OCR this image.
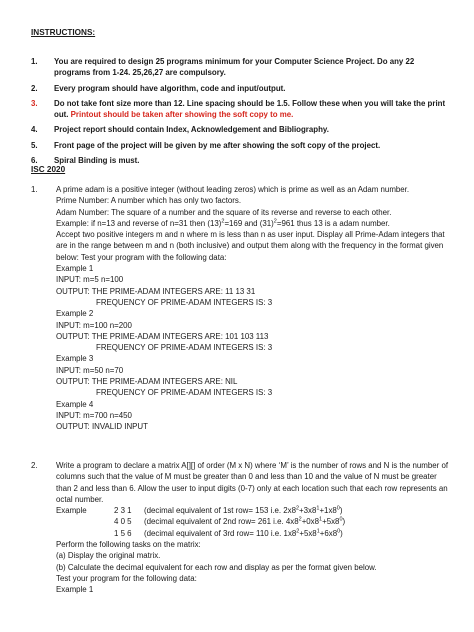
INSTRUCTIONS:
1. You are required to design 25 programs minimum for your Computer Science Project. Do any 22 programs from 1-24. 25,26,27 are compulsory.
2. Every program should have algorithm, code and input/output.
3. Do not take font size more than 12. Line spacing should be 1.5. Follow these when you will take the print out. Printout should be taken after showing the soft copy to me.
4. Project report should contain Index, Acknowledgement and Bibliography.
5. Front page of the project will be given by me after showing the soft copy of the project.
6. Spiral Binding is must.
ISC 2020
1. A prime adam is a positive integer (without leading zeros) which is prime as well as an Adam number.
Prime Number: A number which has only two factors.
Adam Number: The square of a number and the square of its reverse and reverse to each other.
Example: if n=13 and reverse of n=31 then $(13)^2=169$ and $(31)^2=961$ thus 13 is a adam number.
Accept two positive integers m and n where m is less than n as user input. Display all Prime-Adam integers that are in the range between m and n (both inclusive) and output them along with the frequency in the format given below: Test your program with the following data:
Example 1
INPUT: m=5 n=100
OUTPUT: THE PRIME-ADAM INTEGERS ARE: 11 13 31
FREQUENCY OF PRIME-ADAM INTEGERS IS: 3
Example 2
INPUT: m=100 n=200
OUTPUT: THE PRIME-ADAM INTEGERS ARE: 101 103 113
FREQUENCY OF PRIME-ADAM INTEGERS IS: 3
Example 3
INPUT: m=50 n=70
OUTPUT: THE PRIME-ADAM INTEGERS ARE: NIL
FREQUENCY OF PRIME-ADAM INTEGERS IS: 3
Example 4
INPUT: m=700 n=450
OUTPUT: INVALID INPUT
2. Write a program to declare a matrix A[][] of order (M x N) where ‘M’ is the number of rows and N is the number of columns such that the value of M must be greater than 0 and less than 10 and the value of N must be greater than 2 and less than 6. Allow the user to input digits (0-7) only at each location such that each row represents an octal number.
Example	2 3 1 (decimal equivalent of 1st row= 153 i.e. $2x8^2+3x8^1+1x8^0$)
4 0 5 (decimal equivalent of 2nd row= 261 i.e. $4x8^2+0x8^1+5x8^0$)
1 5 6 (decimal equivalent of 3rd row= 110 i.e. $1x8^2+5x8^1+6x8^0$)
Perform the following tasks on the matrix:
(a) Display the original matrix.
(b) Calculate the decimal equivalent for each row and display as per the format given below.
Test your program for the following data:
Example 1
